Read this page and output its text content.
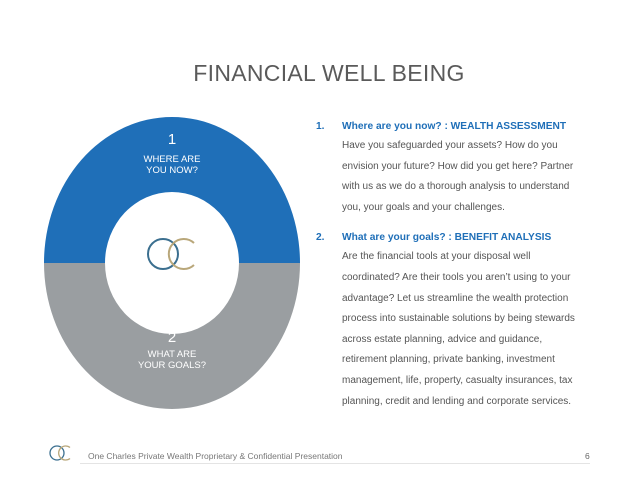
FINANCIAL WELL BEING
1
WHERE ARE
YOU NOW?
2
WHAT ARE
YOUR GOALS?

1. Where are you now? : WEALTH ASSESSMENT

Have you safeguarded your assets? How do you

envision your future? How did you get here? Partner

with us as we do a thorough analysis to understand

you, your goals and your challenges.

2. What are your goals? : BENEFIT ANALYSIS

Are the financial tools at your disposal well

coordinated? Are their tools you aren’t using to your

advantage? Let us streamline the wealth protection

process into sustainable solutions by being stewards

across estate planning, advice and guidance,

retirement planning, private banking, investment

management, life, property, casualty insurances, tax

planning, credit and lending and corporate services.

One Charles Private Wealth Proprietary & Confidential Presentation	6
